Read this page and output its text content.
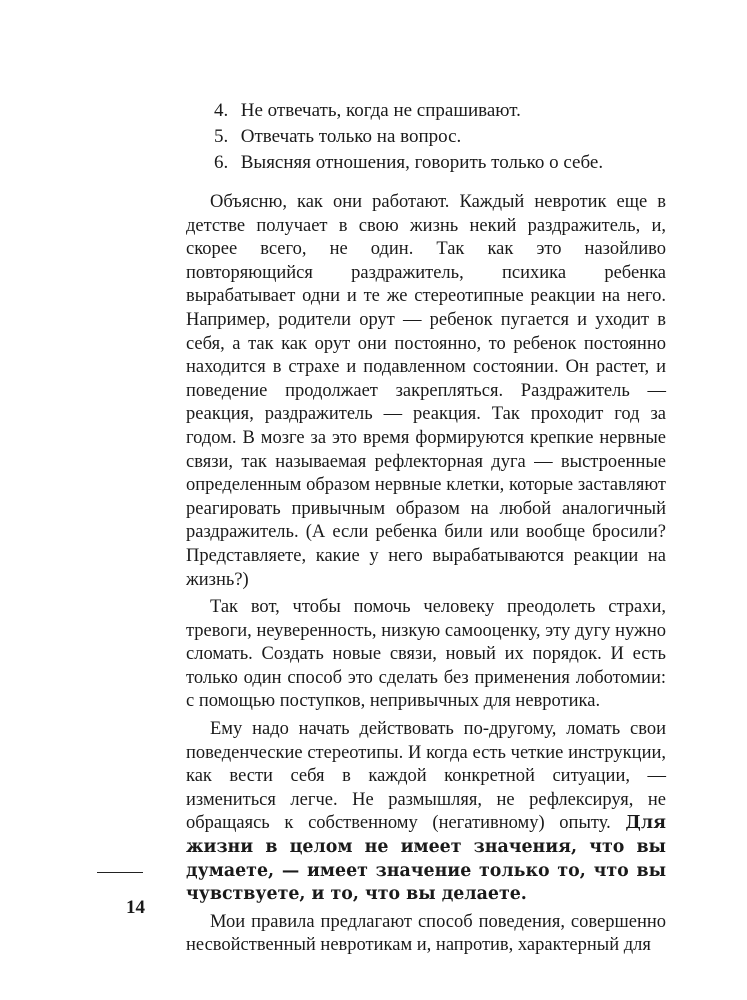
4. Не отвечать, когда не спрашивают.
5. Отвечать только на вопрос.
6. Выясняя отношения, говорить только о себе.

Объясню, как они работают. Каждый невротик еще в детстве получает в свою жизнь некий раздражитель, и, скорее всего, не один. Так как это назойливо повторяющийся раздражитель, психика ребенка вырабатывает одни и те же стереотипные реакции на него. Например, родители орут — ребенок пугается и уходит в себя, а так как орут они постоянно, то ребенок постоянно находится в страхе и подавленном состоянии. Он растет, и поведение продолжает закрепляться. Раздражитель — реакция, раздражитель — реакция. Так проходит год за годом. В мозге за это время формируются крепкие нервные связи, так называемая рефлекторная дуга — выстроенные определенным образом нервные клетки, которые заставляют реагировать привычным образом на любой аналогичный раздражитель. (А если ребенка били или вообще бросили? Представляете, какие у него вырабатываются реакции на жизнь?)

Так вот, чтобы помочь человеку преодолеть страхи, тревоги, неуверенность, низкую самооценку, эту дугу нужно сломать. Создать новые связи, новый их порядок. И есть только один способ это сделать без применения лоботомии: с помощью поступков, непривычных для невротика.

Ему надо начать действовать по-другому, ломать свои поведенческие стереотипы. И когда есть четкие инструкции, как вести себя в каждой конкретной ситуации, — измениться легче. Не размышляя, не рефлексируя, не обращаясь к собственному (негативному) опыту. Для жизни в целом не имеет значения, что вы думаете, — имеет значение только то, что вы чувствуете, и то, что вы делаете.

Мои правила предлагают способ поведения, совершенно несвойственный невротикам и, напротив, характерный для

14
